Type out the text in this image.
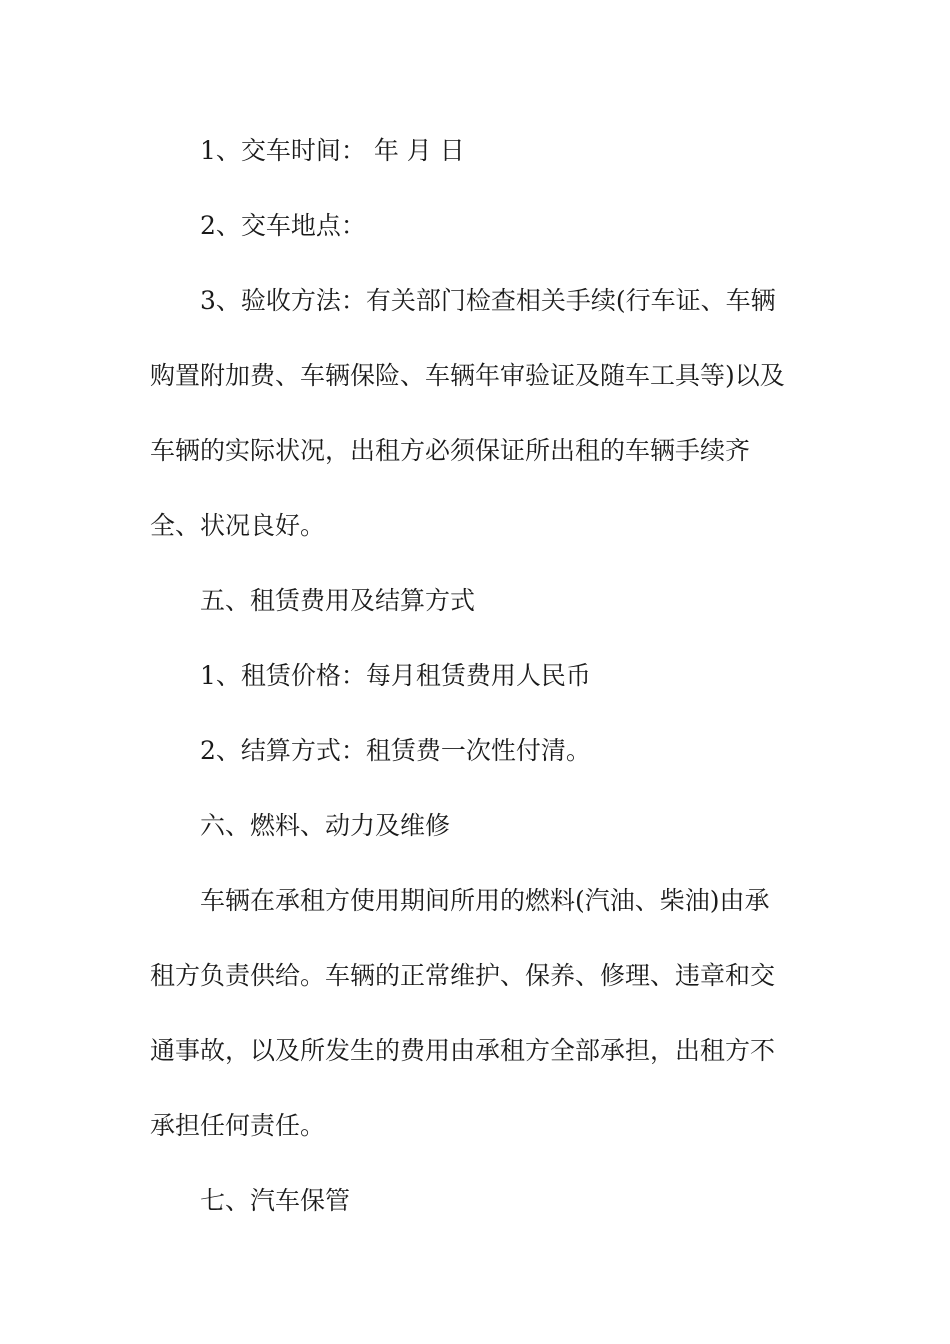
1、交车时间： 年 月 日
2、交车地点：
3、验收方法：有关部门检查相关手续(行车证、车辆
购置附加费、车辆保险、车辆年审验证及随车工具等)以及
车辆的实际状况，出租方必须保证所出租的车辆手续齐
全、状况良好。
五、租赁费用及结算方式
1、租赁价格：每月租赁费用人民币
2、结算方式：租赁费一次性付清。
六、燃料、动力及维修
车辆在承租方使用期间所用的燃料(汽油、柴油)由承
租方负责供给。车辆的正常维护、保养、修理、违章和交
通事故，以及所发生的费用由承租方全部承担，出租方不
承担任何责任。
七、汽车保管
